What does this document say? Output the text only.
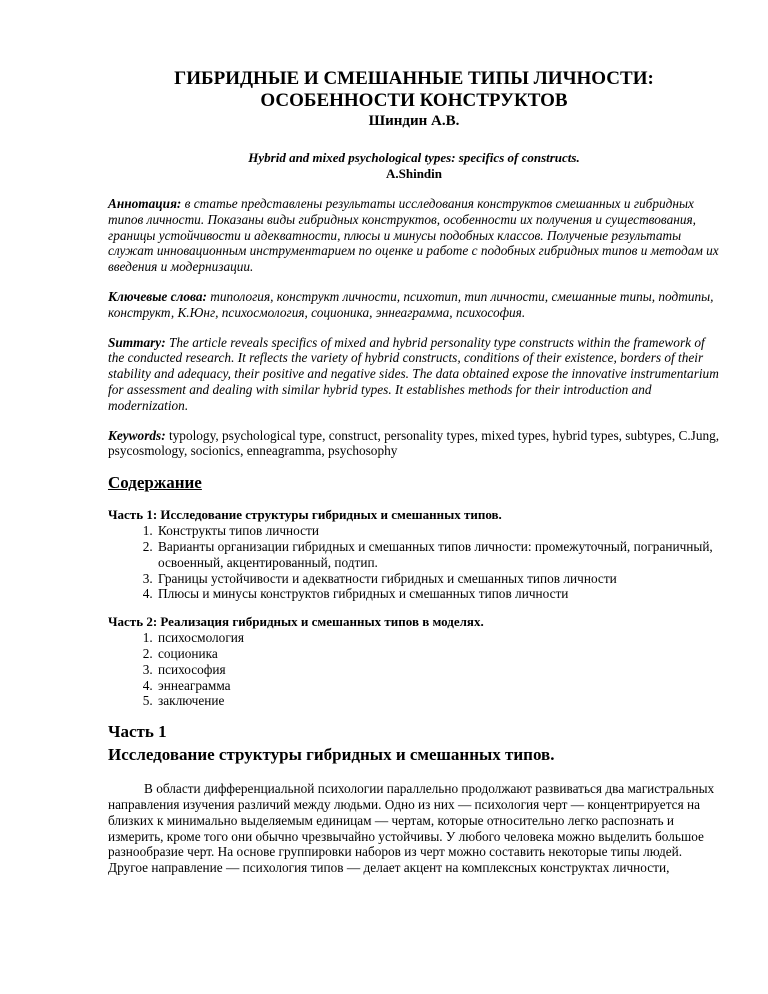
ГИБРИДНЫЕ И СМЕШАННЫЕ ТИПЫ ЛИЧНОСТИ:

ОСОБЕННОСТИ КОНСТРУКТОВ

Шиндин А.В.

Hybrid and mixed psychological types: specifics of constructs.

A.Shindin

Аннотация: в статье представлены результаты исследования конструктов смешанных и гибридных типов личности. Показаны виды гибридных конструктов, особенности их получения и существования, границы устойчивости и адекватности, плюсы и минусы подобных классов. Полученые результаты служат инновационным инструментарием по оценке и работе с подобных гибридных типов и методам их введения и модернизации.

Ключевые слова: типология, конструкт личности, психотип, тип личности, смешанные типы, подтипы, конструкт, К.Юнг, психосмология, соционика, эннеаграмма, психософия.

Summary: The article reveals specifics of mixed and hybrid personality type constructs within the framework of the conducted research. It reflects the variety of hybrid constructs, conditions of their existence, borders of their stability and adequacy, their positive and negative sides. The data obtained expose the innovative instrumentarium for assessment and dealing with similar hybrid types. It establishes methods for their introduction and modernization.

Keywords: typology, psychological type, construct, personality types, mixed types, hybrid types, subtypes, C.Jung, psycosmology, socionics, enneagramma, psychosophy

Содержание

Часть 1: Исследование структуры гибридных и смешанных типов.

1. Конструкты типов личности
2. Варианты организации гибридных и смешанных типов личности: промежуточный, пограничный, освоенный, акцентированный, подтип.
3. Границы устойчивости и адекватности гибридных и смешанных типов личности
4. Плюсы и минусы конструктов гибридных и смешанных типов личности

Часть 2: Реализация гибридных и смешанных типов в моделях.

1. психосмология
2. соционика
3. психософия
4. эннеаграмма
5. заключение
Часть 1
Исследование структуры гибридных и смешанных типов.

В области дифференциальной психологии параллельно продолжают развиваться два магистральных направления изучения различий между людьми. Одно из них — психология черт — концентрируется на близких к минимально выделяемым единицам — чертам, которые относительно легко распознать и измерить, кроме того они обычно чрезвычайно устойчивы. У любого человека можно выделить большое разнообразие черт. На основе группировки наборов из черт можно составить некоторые типы людей. Другое направление — психология типов — делает акцент на комплексных конструктах личности,
